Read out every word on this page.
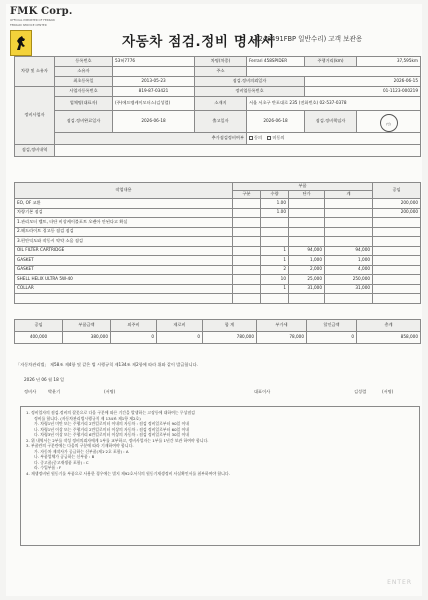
FMK Corp.
OFFICIAL IMPORTER OF FERRARI
FERRARI SERVICE CENTER
자동차 점검.정비 명세서
(248491FBP 일반수리) 고객 보관용
차량 및 소유자	등록번호	53허7776	차명(차종)	Ferrari 458SPIDER	주행거리(km)	37,595km
	소유자		주소			
	최초등록일	2013-05-23	점검.정비의뢰일자		2026-06-15	
정비사업자	사업자등록번호	819-87-03421	정비업등록번호		01-1123-000219	
	업체명(대표자)	(주)에프엠케이모터스(김성렬)	소재지	서울 서초구 반포대로 235 (전화번호) 02-537-0378		
	점검.정비완료일자	2026-06-18	출고일자	2026-06-18	점검.정비책임자	(인)
	추가점검정비여부			동의 미동의		
점검,정비내역						
작업내용	부품				공임
	구분	수량	단가	계	
EO, OF 교환		1.00			200,000
차량기본 점검		1.00			200,000
1.관리모터 벨트, 타단 비상케이블포트 오랜아 안된다고 확실					
2.헤드라이트 경고등 점검 점검					
3.편안익도와 작동시 약약 소음 점검					
OIL FILTER CARTRIDGE		1	94,000	94,000	
GASKET		1	1,000	1,000	
GASKET		2	2,000	4,000	
SHELL HELIX ULTRA 5W-40		10	25,000	250,000	
COLLAR		1	31,000	31,000	

공임	부품금액	외주비	제로비	합 계	부가세	할인금액	총계
400,000	380,000	0	0	780,000	78,000	0	858,000
「자동차관리법」 제58조 제4항 및 같은 법 시행규칙 제134조 제2항에 따라 위와 같이 발급합니다.
2026 년 06 월 18 일
정비사	박윤기	(서명)	대표이사	김성렬	(서명)

1. 정비업자의 점검.정비의 잘못으로 다음 구분에 따른 기간을 발생하는 고장등에 대하여는 무상점검

정비를 합니다. (자동차관리법시행규칙 제 134조 제1항 제2호)

가. 차령1년 미만 또는 주행거리 2만킬로미터 이내의 자동차 : 점검 정비일로부터 90일 이내

나. 차령1년 이상 또는 주행거리 2만킬로미터 이상의 자동차 : 점검 정비일로부터 60일 이내

다. 차령3년 이상 또는 주행거리 6만킬로미터 이상의 자동차 : 점검 정비일로부터 30일 이내

2. 위 내역서는 2부를 작성 정비의뢰자에게 1부를 교부하고, 정비사업자는 1부를 1년간 보관 하여야 합니다.

3. 부품란의 구분란에는 다음의 구분에 따라 기재하여야 합니다.

가. 자동차 제작사가 공급하는 신부품(제1·2호 포함) : A

나. 부품업체가 공급하는 신부품 : B

다. 중고품(중고재생품 포함) : C

라. 수입부품 : F

4. 재생정비된 원동기를 부품으로 사용한 경우에는 별지 제92호서식의 원동기재생정비 사실확인서를 첨부하여야 합니다.

ENTER
